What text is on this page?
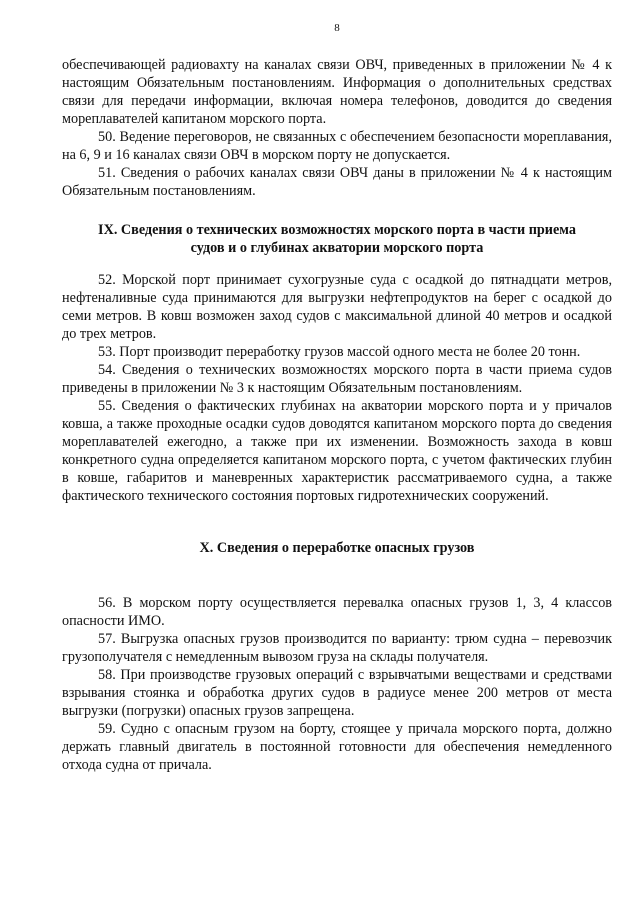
8

обеспечивающей радиовахту на каналах связи ОВЧ, приведенных в приложении № 4 к настоящим Обязательным постановлениям. Информация о дополнительных средствах связи для передачи информации, включая номера телефонов, доводится до сведения мореплавателей капитаном морского порта.

50. Ведение переговоров, не связанных с обеспечением безопасности мореплавания, на 6, 9 и 16 каналах связи ОВЧ в морском порту не допускается.

51. Сведения о рабочих каналах связи ОВЧ даны в приложении № 4 к настоящим Обязательным постановлениям.

IX. Сведения о технических возможностях морского порта в части приема
судов и о глубинах акватории морского порта

52. Морской порт принимает сухогрузные суда с осадкой до пятнадцати метров, нефтеналивные суда принимаются для выгрузки нефтепродуктов на берег с осадкой до семи метров. В ковш возможен заход судов с максимальной длиной 40 метров и осадкой до трех метров.

53. Порт производит переработку грузов массой одного места не более 20 тонн.

54. Сведения о технических возможностях морского порта в части приема судов приведены в приложении № 3 к настоящим Обязательным постановлениям.

55. Сведения о фактических глубинах на акватории морского порта и у причалов ковша, а также проходные осадки судов доводятся капитаном морского порта до сведения мореплавателей ежегодно, а также при их изменении. Возможность захода в ковш конкретного судна определяется капитаном морского порта, с учетом фактических глубин в ковше, габаритов и маневренных характеристик рассматриваемого судна, а также фактического технического состояния портовых гидротехнических сооружений.

X. Сведения о переработке опасных грузов

56. В морском порту осуществляется перевалка опасных грузов 1, 3, 4 классов опасности ИМО.

57. Выгрузка опасных грузов производится по варианту: трюм судна – перевозчик грузополучателя с немедленным вывозом груза на склады получателя.

58. При производстве грузовых операций с взрывчатыми веществами и средствами взрывания стоянка и обработка других судов в радиусе менее 200 метров от места выгрузки (погрузки) опасных грузов запрещена.

59. Судно с опасным грузом на борту, стоящее у причала морского порта, должно держать главный двигатель в постоянной готовности для обеспечения немедленного отхода судна от причала.
